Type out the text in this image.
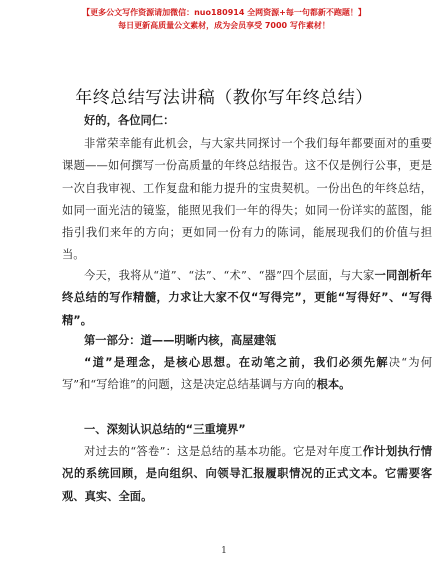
【更多公文写作资源请加微信：nuo180914 全网资源+每一句都新不跑题！】
每日更新高质量公文素材，成为会员享受 7000 写作素材！
年终总结写法讲稿（教你写年终总结）
好的，各位同仁：
非常荣幸能有此机会，与大家共同探讨一个我们每年都要面对的重要课题——如何撰写一份高质量的年终总结报告。这不仅是例行公事，更是一次自我审视、工作复盘和能力提升的宝贵契机。一份出色的年终总结，如同一面光洁的镜鉴，能照见我们一年的得失；如同一份详实的蓝图，能指引我们来年的方向；更如同一份有力的陈词，能展现我们的价值与担当。
今天，我将从“道”、“法”、“术”、“器”四个层面，与大家一同剖析年终总结的写作精髓，力求让大家不仅“写得完”，更能“写得好”、“写得精”。
第一部分：道——明晰内核，高屋建瓴
“道”是理念，是核心思想。在动笔之前，我们必须先解决“为何写”和“写给谁”的问题，这是决定总结基调与方向的根本。
一、深刻认识总结的“三重境界”
对过去的“答卷”：这是总结的基本功能。它是对年度工作计划执行情况的系统回顾，是向组织、向领导汇报履职情况的正式文本。它需要客观、真实、全面。
1
